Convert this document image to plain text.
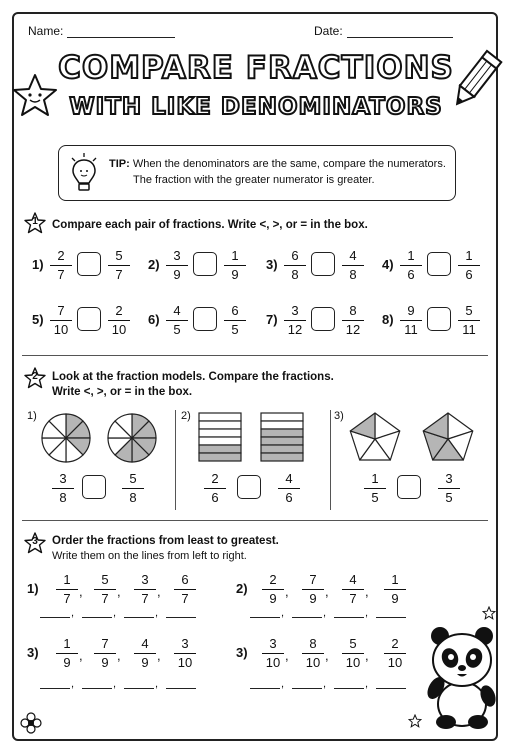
Name:	Date:
COMPARE FRACTIONS
WITH LIKE DENOMINATORS
TIP: When the denominators are the same, compare the numerators.
The fraction with the greater numerator is greater.
1	Compare each pair of fractions. Write <, >, or = in the box.
$1) \frac{2}{7}$	$\frac{5}{7} 2) \frac{3}{9}$	$\frac{1}{9} 3) \frac{6}{8}$	$\frac{4}{8} 4) \frac{1}{6}$	$\frac{1}{6}$
$5) \frac{7}{10}$	$\frac{2}{10} 6) \frac{4}{5}$	$\frac{6}{5} 7) \frac{3}{12}$	$\frac{8}{12} 8) \frac{9}{11}$	$\frac{5}{11}$
2	Look at the fraction models. Compare the fractions.
Write <, >, or = in the box.
1)
$\frac{3}{8}$	$\frac{5}{8}$
2)
$\frac{2}{6}$	$\frac{4}{6}$
3)
$\frac{1}{5}$	$\frac{3}{5}$
3	Order the fractions from least to greatest.
Write them on the lines from left to right.
$1) \frac{1}{7}$ , $\frac{5}{7}$ , $\frac{3}{7}$ , $\frac{6}{7}$
,	,	,
$2) \frac{2}{9}$ , $\frac{7}{9}$ , $\frac{4}{7}$ , $\frac{1}{9}$
,	,	,
$3) \frac{1}{9}$ , $\frac{7}{9}$ , $\frac{4}{9}$ , $\frac{3}{10}$
,	,	,
$3) \frac{3}{10}$ , $\frac{8}{10}$ , $\frac{5}{10}$ , $\frac{2}{10}$
,	,	,
